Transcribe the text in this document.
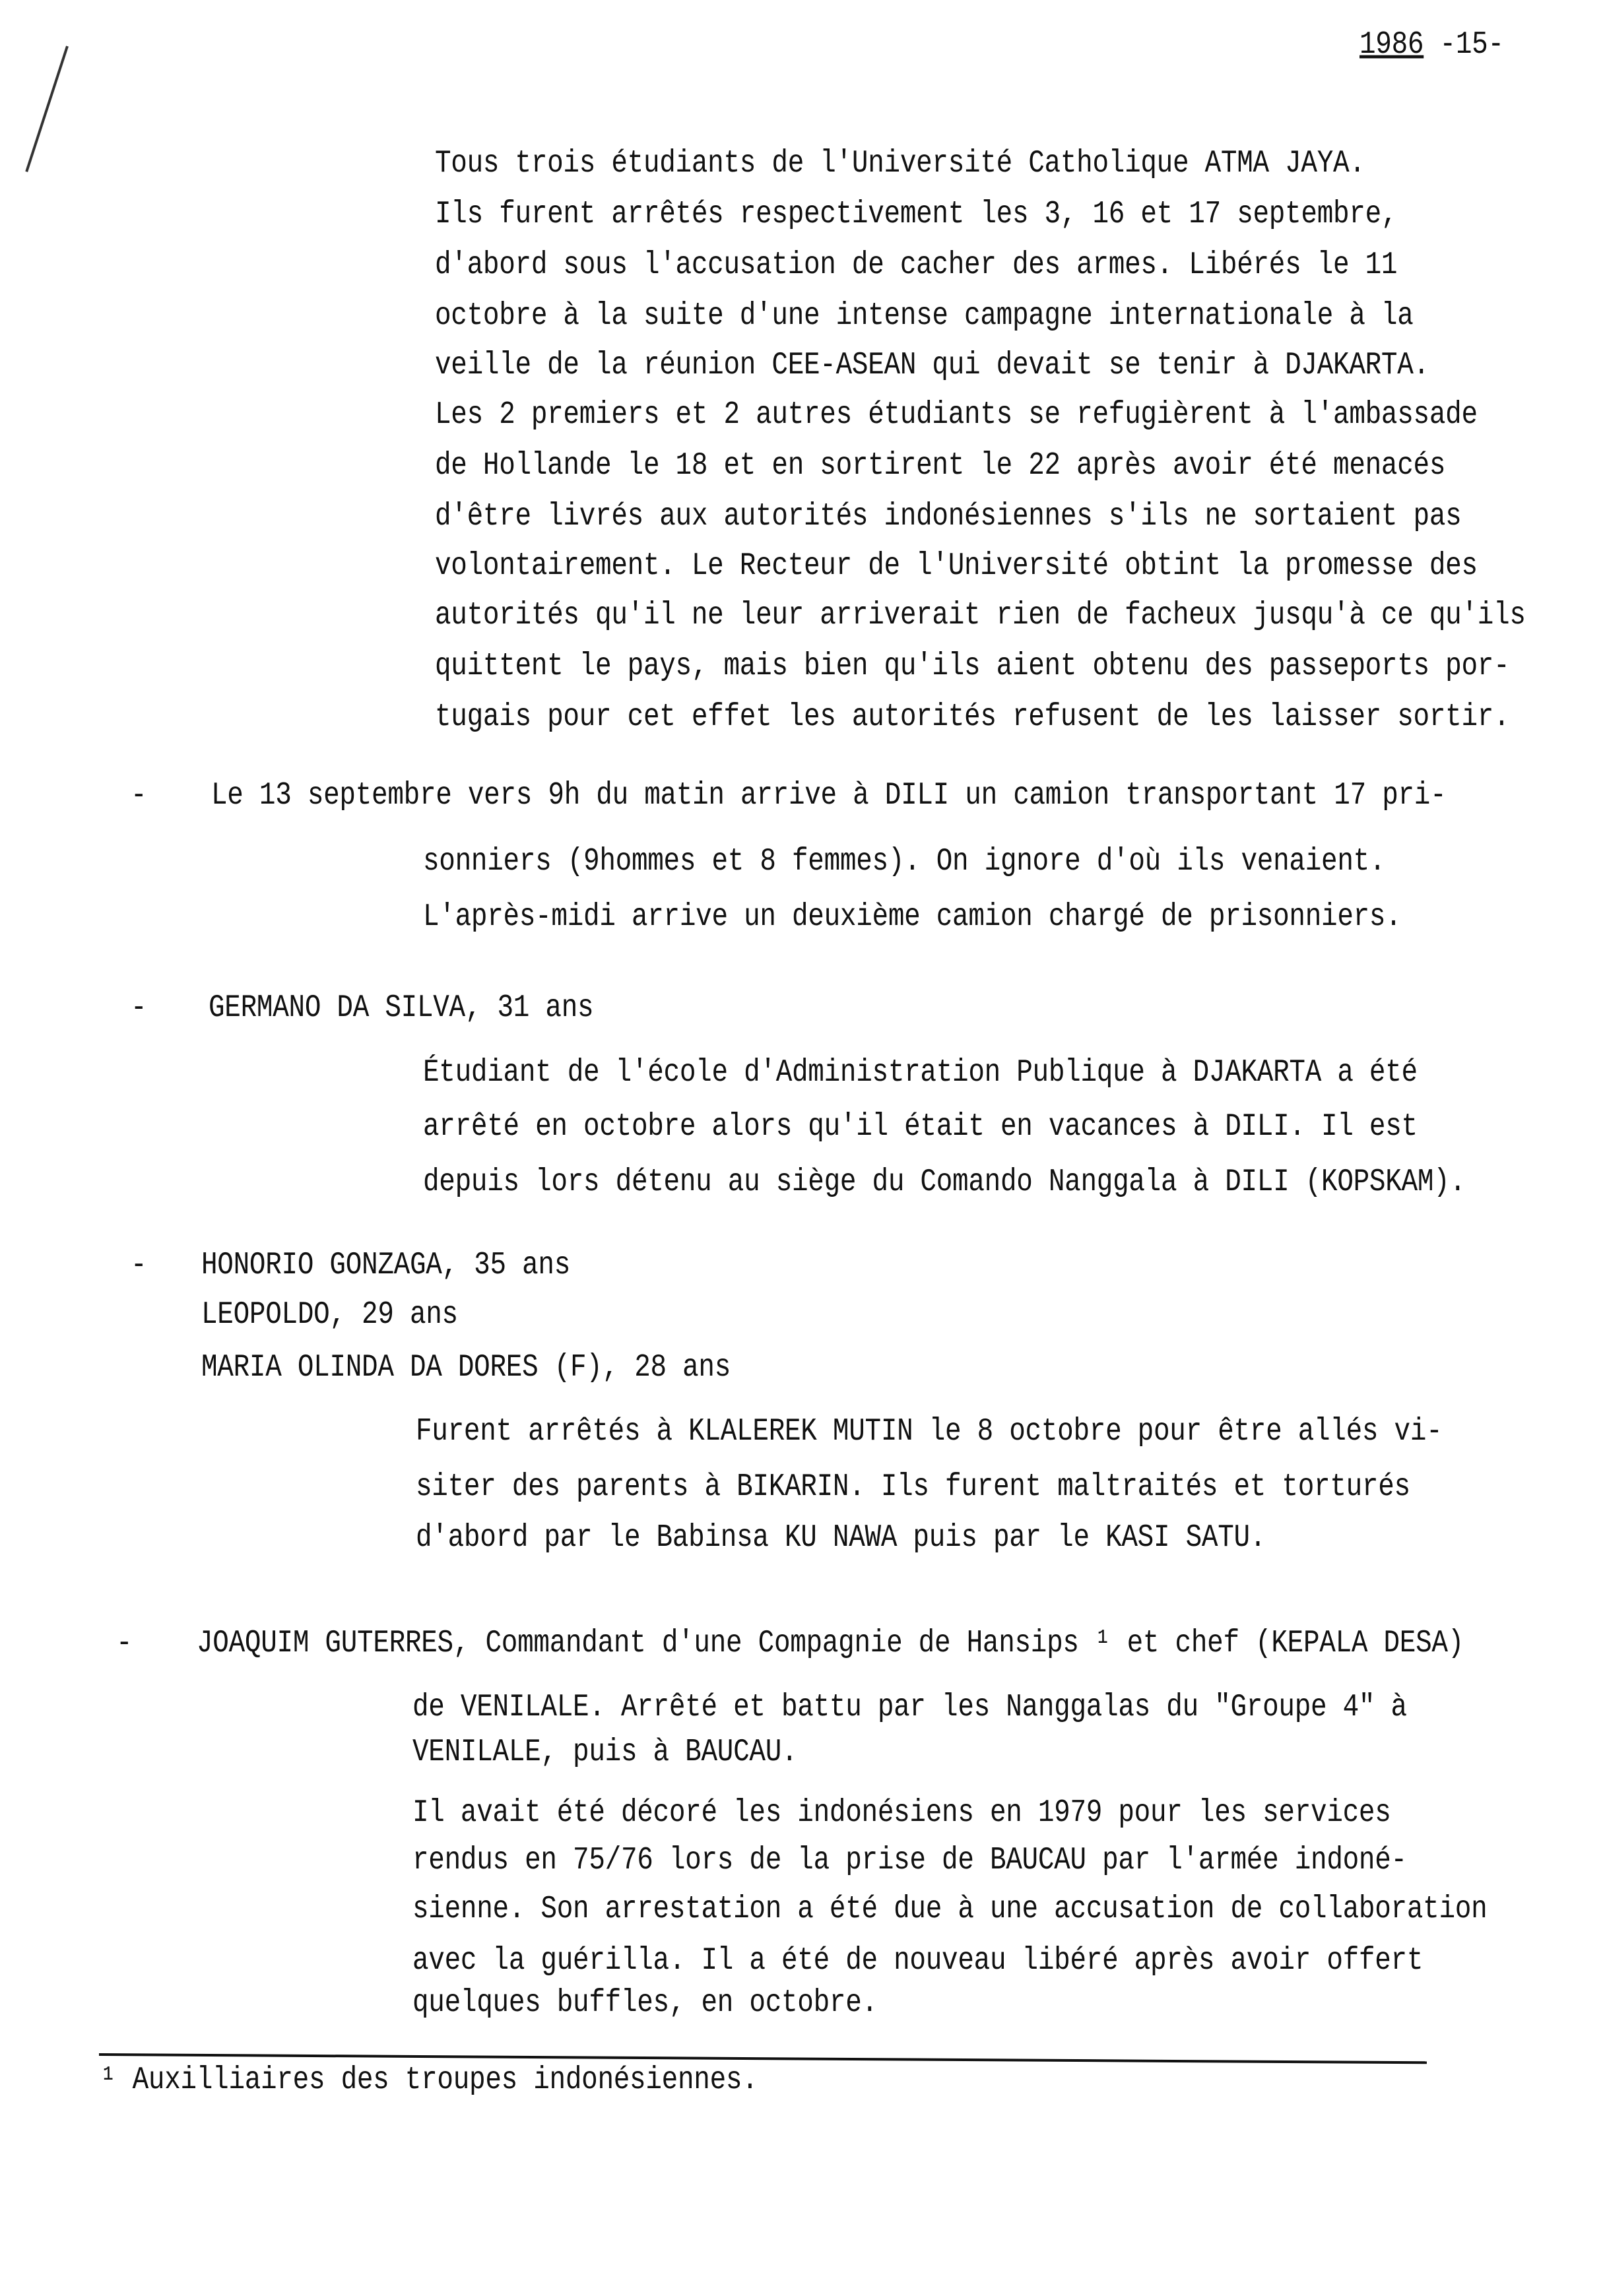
1986 -15-
Tous trois étudiants de l'Université Catholique ATMA JAYA.
Ils furent arrêtés respectivement les 3, 16 et 17 septembre,
d'abord sous l'accusation de cacher des armes. Libérés le 11
octobre à la suite d'une intense campagne internationale à la
veille de la réunion CEE-ASEAN qui devait se tenir à DJAKARTA.
Les 2 premiers et 2 autres étudiants se refugièrent à l'ambassade
de Hollande le 18 et en sortirent le 22 après avoir été menacés
d'être livrés aux autorités indonésiennes s'ils ne sortaient pas
volontairement. Le Recteur de l'Université obtint la promesse des
autorités qu'il ne leur arriverait rien de facheux jusqu'à ce qu'ils
quittent le pays, mais bien qu'ils aient obtenu des passeports por-
tugais pour cet effet les autorités refusent de les laisser sortir.
- Le 13 septembre vers 9h du matin arrive à DILI un camion transportant 17 pri-
sonniers (9hommes et 8 femmes). On ignore d'où ils venaient.
L'après-midi arrive un deuxième camion chargé de prisonniers.
- GERMANO DA SILVA, 31 ans
Étudiant de l'école d'Administration Publique à DJAKARTA a été
arrêté en octobre alors qu'il était en vacances à DILI. Il est
depuis lors détenu au siège du Comando Nanggala à DILI (KOPSKAM).
- HONORIO GONZAGA, 35 ans
LEOPOLDO, 29 ans
MARIA OLINDA DA DORES (F), 28 ans
Furent arrêtés à KLALEREK MUTIN le 8 octobre pour être allés vi-
siter des parents à BIKARIN. Ils furent maltraités et torturés
d'abord par le Babinsa KU NAWA puis par le KASI SATU.
- JOAQUIM GUTERRES, Commandant d'une Compagnie de Hansips ¹ et chef (KEPALA DESA)
de VENILALE. Arrêté et battu par les Nanggalas du "Groupe 4" à
VENILALE, puis à BAUCAU.
Il avait été décoré les indonésiens en 1979 pour les services
rendus en 75/76 lors de la prise de BAUCAU par l'armée indoné-
sienne. Son arrestation a été due à une accusation de collaboration
avec la guérilla. Il a été de nouveau libéré après avoir offert
quelques buffles, en octobre.
¹ Auxilliaires des troupes indonésiennes.
